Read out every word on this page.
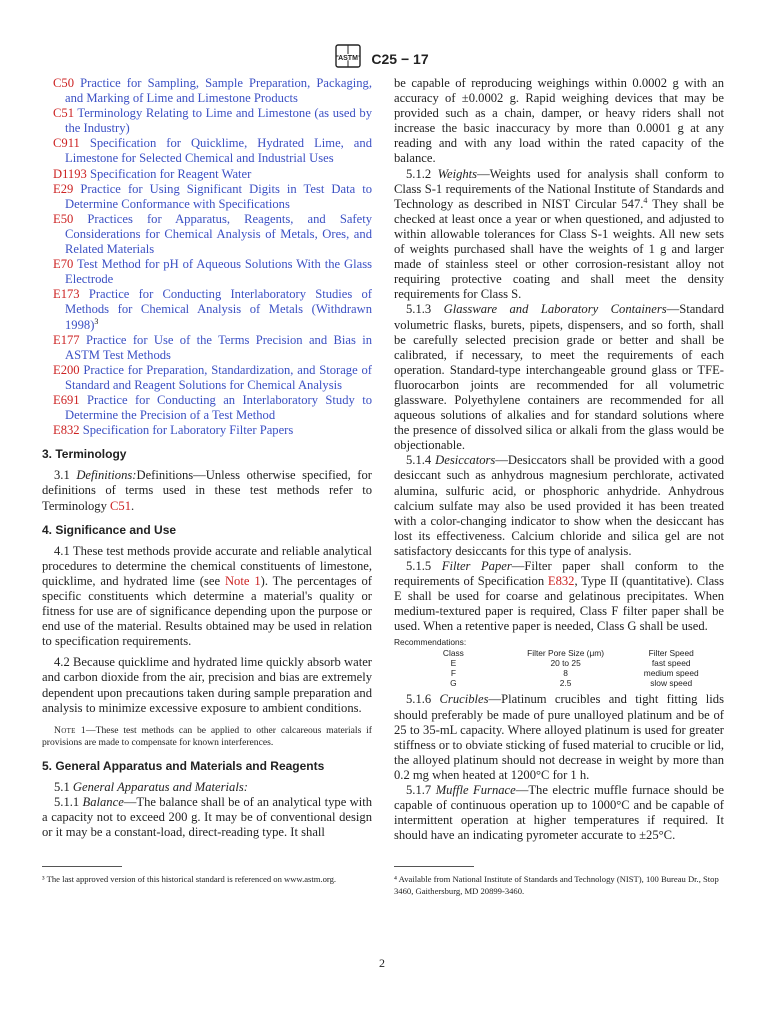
ASTM C25 − 17

C50 Practice for Sampling, Sample Preparation, Packaging, and Marking of Lime and Limestone Products

C51 Terminology Relating to Lime and Limestone (as used by the Industry)

C911 Specification for Quicklime, Hydrated Lime, and Limestone for Selected Chemical and Industrial Uses

D1193 Specification for Reagent Water

E29 Practice for Using Significant Digits in Test Data to Determine Conformance with Specifications

E50 Practices for Apparatus, Reagents, and Safety Considerations for Chemical Analysis of Metals, Ores, and Related Materials

E70 Test Method for pH of Aqueous Solutions With the Glass Electrode

E173 Practice for Conducting Interlaboratory Studies of Methods for Chemical Analysis of Metals (Withdrawn 1998)$^3$

E177 Practice for Use of the Terms Precision and Bias in ASTM Test Methods

E200 Practice for Preparation, Standardization, and Storage of Standard and Reagent Solutions for Chemical Analysis

E691 Practice for Conducting an Interlaboratory Study to Determine the Precision of a Test Method

E832 Specification for Laboratory Filter Papers

3. Terminology

3.1 Definitions:Definitions—Unless otherwise specified, for definitions of terms used in these test methods refer to Terminology C51.

4. Significance and Use

4.1 These test methods provide accurate and reliable analytical procedures to determine the chemical constituents of limestone, quicklime, and hydrated lime (see Note 1). The percentages of specific constituents which determine a material's quality or fitness for use are of significance depending upon the purpose or end use of the material. Results obtained may be used in relation to specification requirements.

4.2 Because quicklime and hydrated lime quickly absorb water and carbon dioxide from the air, precision and bias are extremely dependent upon precautions taken during sample preparation and analysis to minimize excessive exposure to ambient conditions.

Note 1—These test methods can be applied to other calcareous materials if provisions are made to compensate for known interferences.

5. General Apparatus and Materials and Reagents

5.1 General Apparatus and Materials:

5.1.1 Balance—The balance shall be of an analytical type with a capacity not to exceed 200 g. It may be of conventional design or it may be a constant-load, direct-reading type. It shall

be capable of reproducing weighings within 0.0002 g with an accuracy of ±0.0002 g. Rapid weighing devices that may be provided such as a chain, damper, or heavy riders shall not increase the basic inaccuracy by more than 0.0001 g at any reading and with any load within the rated capacity of the balance.

5.1.2 Weights—Weights used for analysis shall conform to Class S-1 requirements of the National Institute of Standards and Technology as described in NIST Circular 547.$^4$ They shall be checked at least once a year or when questioned, and adjusted to within allowable tolerances for Class S-1 weights. All new sets of weights purchased shall have the weights of 1 g and larger made of stainless steel or other corrosion-resistant alloy not requiring protective coating and shall meet the density requirements for Class S.

5.1.3 Glassware and Laboratory Containers—Standard volumetric flasks, burets, pipets, dispensers, and so forth, shall be carefully selected precision grade or better and shall be calibrated, if necessary, to meet the requirements of each operation. Standard-type interchangeable ground glass or TFE-fluorocarbon joints are recommended for all volumetric glassware. Polyethylene containers are recommended for all aqueous solutions of alkalies and for standard solutions where the presence of dissolved silica or alkali from the glass would be objectionable.

5.1.4 Desiccators—Desiccators shall be provided with a good desiccant such as anhydrous magnesium perchlorate, activated alumina, sulfuric acid, or phosphoric anhydride. Anhydrous calcium sulfate may also be used provided it has been treated with a color-changing indicator to show when the desiccant has lost its effectiveness. Calcium chloride and silica gel are not satisfactory desiccants for this type of analysis.

5.1.5 Filter Paper—Filter paper shall conform to the requirements of Specification E832, Type II (quantitative). Class E shall be used for coarse and gelatinous precipitates. When medium-textured paper is required, Class F filter paper shall be used. When a retentive paper is needed, Class G shall be used.

Recommendations:
Class	Filter Pore Size (μm)	Filter Speed
E	20 to 25	fast speed
F	8	medium speed
G	2.5	slow speed

5.1.6 Crucibles—Platinum crucibles and tight fitting lids should preferably be made of pure unalloyed platinum and be of 25 to 35-mL capacity. Where alloyed platinum is used for greater stiffness or to obviate sticking of fused material to crucible or lid, the alloyed platinum should not decrease in weight by more than 0.2 mg when heated at 1200°C for 1 h.

5.1.7 Muffle Furnace—The electric muffle furnace should be capable of continuous operation up to 1000°C and be capable of intermittent operation at higher temperatures if required. It should have an indicating pyrometer accurate to ±25°C.

³ The last approved version of this historical standard is referenced on www.astm.org.	⁴ Available from National Institute of Standards and Technology (NIST), 100 Bureau Dr., Stop 3460, Gaithersburg, MD 20899-3460.
2
